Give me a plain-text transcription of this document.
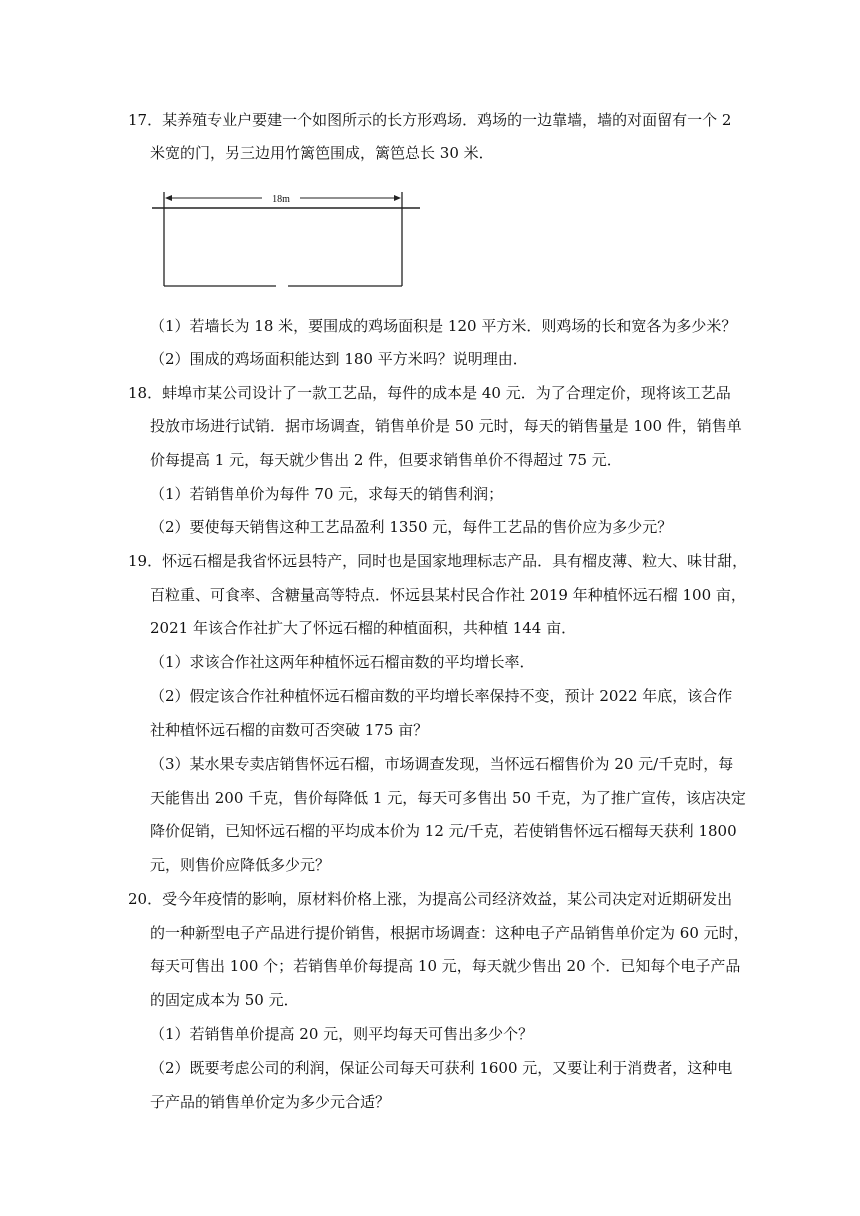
17．某养殖专业户要建一个如图所示的长方形鸡场．鸡场的一边靠墙，墙的对面留有一个 2
米宽的门，另三边用竹篱笆围成，篱笆总长 30 米．
18m
（1）若墙长为 18 米，要围成的鸡场面积是 120 平方米．则鸡场的长和宽各为多少米？
（2）围成的鸡场面积能达到 180 平方米吗？说明理由．
18．蚌埠市某公司设计了一款工艺品，每件的成本是 40 元．为了合理定价，现将该工艺品
投放市场进行试销．据市场调查，销售单价是 50 元时，每天的销售量是 100 件，销售单
价每提高 1 元，每天就少售出 2 件，但要求销售单价不得超过 75 元．
（1）若销售单价为每件 70 元，求每天的销售利润；
（2）要使每天销售这种工艺品盈利 1350 元，每件工艺品的售价应为多少元？
19．怀远石榴是我省怀远县特产，同时也是国家地理标志产品．具有榴皮薄、粒大、味甘甜，
百粒重、可食率、含糖量高等特点．怀远县某村民合作社 2019 年种植怀远石榴 100 亩，
2021 年该合作社扩大了怀远石榴的种植面积，共种植 144 亩．
（1）求该合作社这两年种植怀远石榴亩数的平均增长率．
（2）假定该合作社种植怀远石榴亩数的平均增长率保持不变，预计 2022 年底，该合作
社种植怀远石榴的亩数可否突破 175 亩？
（3）某水果专卖店销售怀远石榴，市场调查发现，当怀远石榴售价为 20 元/千克时，每
天能售出 200 千克，售价每降低 1 元，每天可多售出 50 千克，为了推广宣传，该店决定
降价促销，已知怀远石榴的平均成本价为 12 元/千克，若使销售怀远石榴每天获利 1800
元，则售价应降低多少元？
20．受今年疫情的影响，原材料价格上涨，为提高公司经济效益，某公司决定对近期研发出
的一种新型电子产品进行提价销售，根据市场调查：这种电子产品销售单价定为 60 元时，
每天可售出 100 个；若销售单价每提高 10 元，每天就少售出 20 个．已知每个电子产品
的固定成本为 50 元．
（1）若销售单价提高 20 元，则平均每天可售出多少个？
（2）既要考虑公司的利润，保证公司每天可获利 1600 元，又要让利于消费者，这种电
子产品的销售单价定为多少元合适？
